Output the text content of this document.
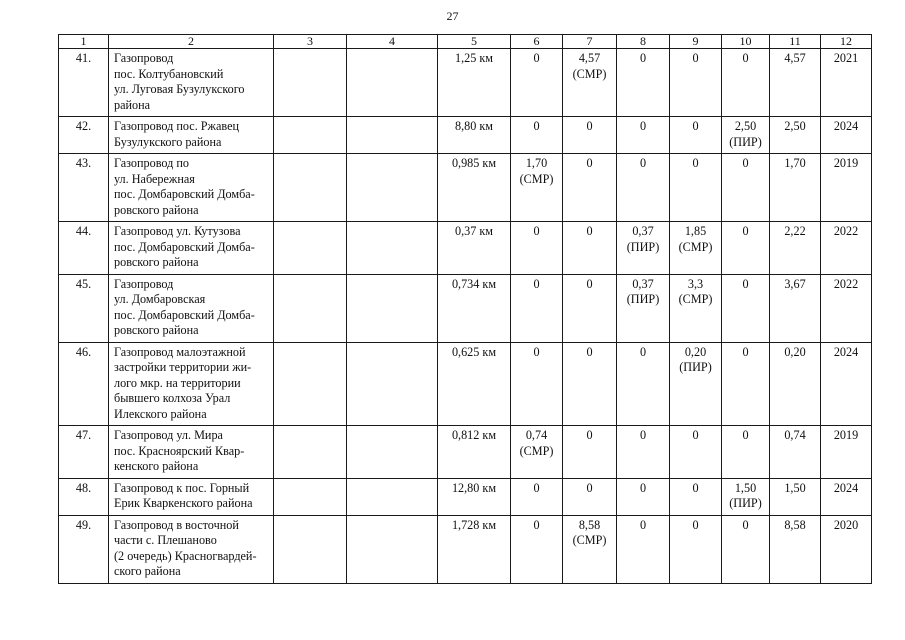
27
1	2	3	4	5	6	7	8	9	10	11	12
41.	Газопровод
пос. Колтубановский
ул. Луговая Бузулукского
района			1,25 км	0	4,57
(СМР)	0	0	0	4,57	2021
42.	Газопровод пос. Ржавец
Бузулукского района			8,80 км	0	0	0	0	2,50
(ПИР)	2,50	2024
43.	Газопровод по
ул. Набережная
пос. Домбаровский Домба-
ровского района			0,985 км	1,70
(СМР)	0	0	0	0	1,70	2019
44.	Газопровод ул. Кутузова
пос. Домбаровский Домба-
ровского района			0,37 км	0	0	0,37
(ПИР)	1,85
(СМР)	0	2,22	2022
45.	Газопровод
ул. Домбаровская
пос. Домбаровский Домба-
ровского района			0,734 км	0	0	0,37
(ПИР)	3,3
(СМР)	0	3,67	2022
46.	Газопровод малоэтажной
застройки территории жи-
лого мкр. на территории
бывшего колхоза Урал
Илекского района			0,625 км	0	0	0	0,20
(ПИР)	0	0,20	2024
47.	Газопровод ул. Мира
пос. Красноярский Квар-
кенского района			0,812 км	0,74
(СМР)	0	0	0	0	0,74	2019
48.	Газопровод к пос. Горный
Ерик Кваркенского района			12,80 км	0	0	0	0	1,50
(ПИР)	1,50	2024
49.	Газопровод в восточной
части с. Плешаново
(2 очередь) Красногвардей-
ского района			1,728 км	0	8,58
(СМР)	0	0	0	8,58	2020
